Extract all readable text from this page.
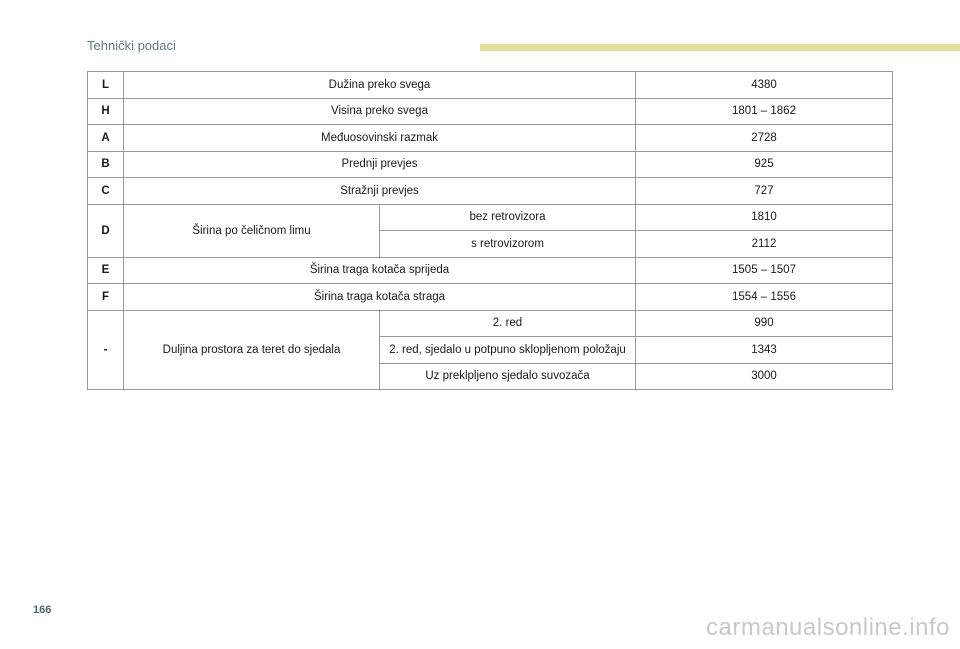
Tehnički podaci
L	Dužina preko svega		4380
H	Visina preko svega		1801 – 1862
A	Međuosovinski razmak		2728
B	Prednji prevjes		925
C	Stražnji prevjes		727
D	Širina po čeličnom limu	bez retrovizora	1810
		s retrovizorom	2112
E	Širina traga kotača sprijeda		1505 – 1507
F	Širina traga kotača straga		1554 – 1556
-	Duljina prostora za teret do sjedala	2. red	990
		2. red, sjedalo u potpuno sklopljenom položaju	1343
		Uz preklpljeno sjedalo suvozača	3000
166
carmanualsonline.info
